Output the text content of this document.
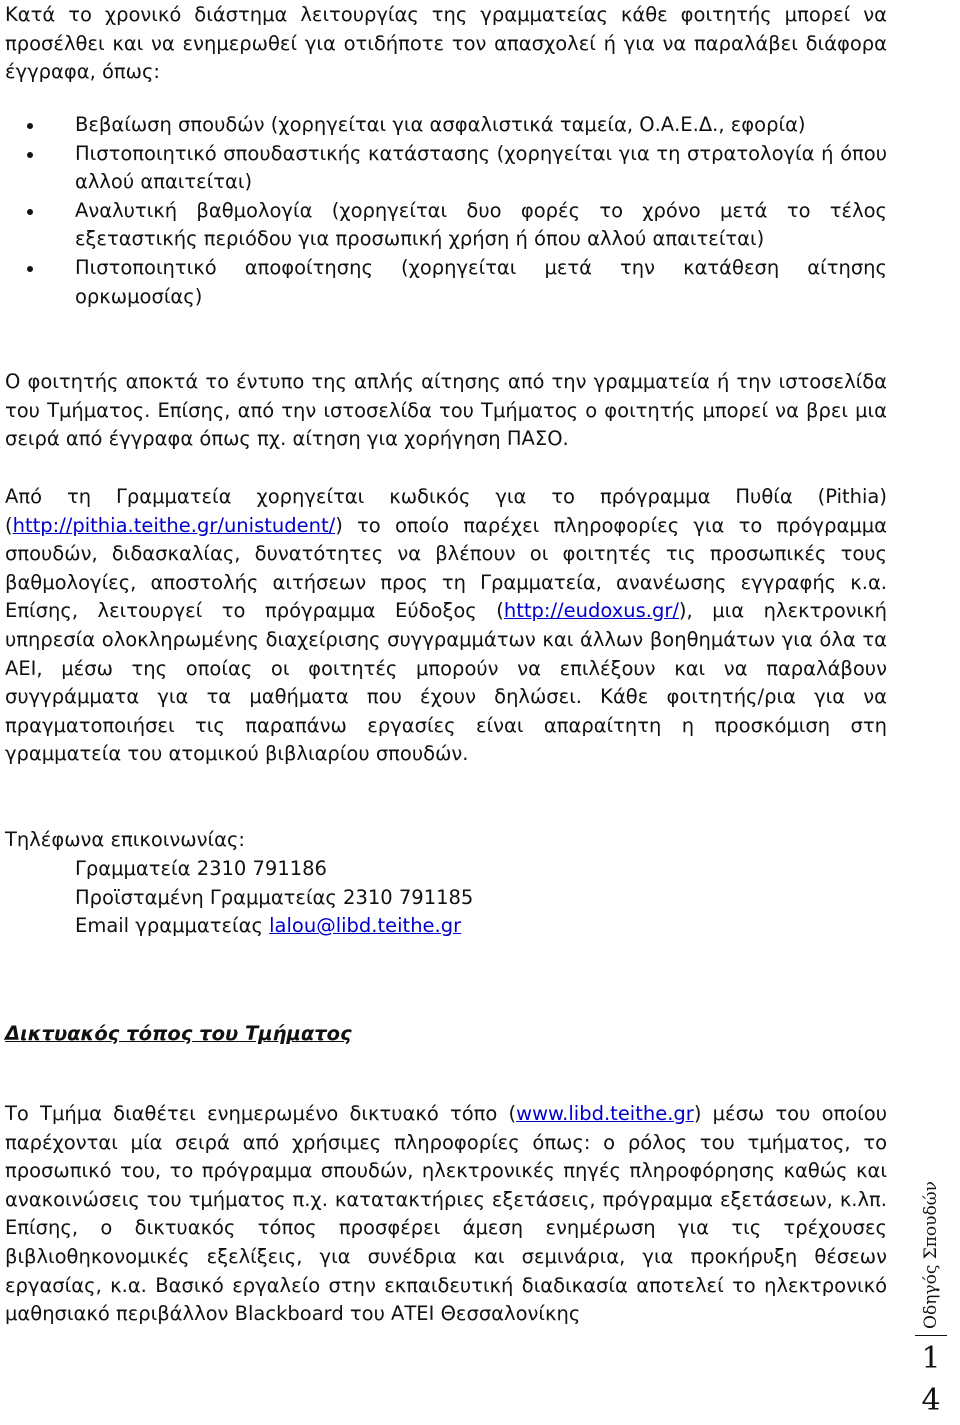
Κατά το χρονικό διάστημα λειτουργίας της γραμματείας κάθε φοιτητής μπορεί να προσέλθει και να ενημερωθεί για οτιδήποτε τον απασχολεί ή για να παραλάβει διάφορα έγγραφα, όπως:

Βεβαίωση σπουδών (χορηγείται για ασφαλιστικά ταμεία, Ο.Α.Ε.Δ., εφορία)
Πιστοποιητικό σπουδαστικής κατάστασης (χορηγείται για τη στρατολογία ή όπου αλλού απαιτείται)
Αναλυτική βαθμολογία (χορηγείται δυο φορές το χρόνο μετά το τέλος εξεταστικής περιόδου για προσωπική χρήση ή όπου αλλού απαιτείται)
Πιστοποιητικό αποφοίτησης (χορηγείται μετά την κατάθεση αίτησης ορκωμοσίας)

Ο φοιτητής αποκτά το έντυπο της απλής αίτησης από την γραμματεία ή την ιστοσελίδα του Τμήματος. Επίσης, από την ιστοσελίδα του Τμήματος ο φοιτητής μπορεί να βρει μια σειρά από έγγραφα όπως πχ. αίτηση για χορήγηση ΠΑΣΟ.

Από τη Γραμματεία χορηγείται κωδικός για το πρόγραμμα Πυθία (Pithia) (http://pithia.teithe.gr/unistudent/) το οποίο παρέχει πληροφορίες για το πρόγραμμα σπουδών, διδασκαλίας, δυνατότητες να βλέπουν οι φοιτητές τις προσωπικές τους βαθμολογίες, αποστολής αιτήσεων προς τη Γραμματεία, ανανέωσης εγγραφής κ.α. Επίσης, λειτουργεί το πρόγραμμα Εύδοξος (http://eudoxus.gr/), μια ηλεκτρονική υπηρεσία ολοκληρωμένης διαχείρισης συγγραμμάτων και άλλων βοηθημάτων για όλα τα ΑΕΙ, μέσω της οποίας οι φοιτητές μπορούν να επιλέξουν και να παραλάβουν συγγράμματα για τα μαθήματα που έχουν δηλώσει. Κάθε φοιτητής/ρια για να πραγματοποιήσει τις παραπάνω εργασίες είναι απαραίτητη η προσκόμιση στη γραμματεία του ατομικού βιβλιαρίου σπουδών.

Τηλέφωνα επικοινωνίας:

Γραμματεία 2310 791186
Προϊσταμένη Γραμματείας 2310 791185
Email γραμματείας lalou@libd.teithe.gr

Δικτυακός τόπος του Τμήματος

Το Τμήμα διαθέτει ενημερωμένο δικτυακό τόπο (www.libd.teithe.gr) μέσω του οποίου παρέχονται μία σειρά από χρήσιμες πληροφορίες όπως: ο ρόλος του τμήματος, το προσωπικό του, το πρόγραμμα σπουδών, ηλεκτρονικές πηγές πληροφόρησης καθώς και ανακοινώσεις του τμήματος π.χ. κατατακτήριες εξετάσεις, πρόγραμμα εξετάσεων, κ.λπ. Επίσης, ο δικτυακός τόπος προσφέρει άμεση ενημέρωση για τις τρέχουσες βιβλιοθηκονομικές εξελίξεις, για συνέδρια και σεμινάρια, για προκήρυξη θέσεων εργασίας, κ.α. Βασικό εργαλείο στην εκπαιδευτική διαδικασία αποτελεί το ηλεκτρονικό μαθησιακό περιβάλλον Blackboard του ΑΤΕΙ Θεσσαλονίκης	Οδηγός Σπουδών
1
4
